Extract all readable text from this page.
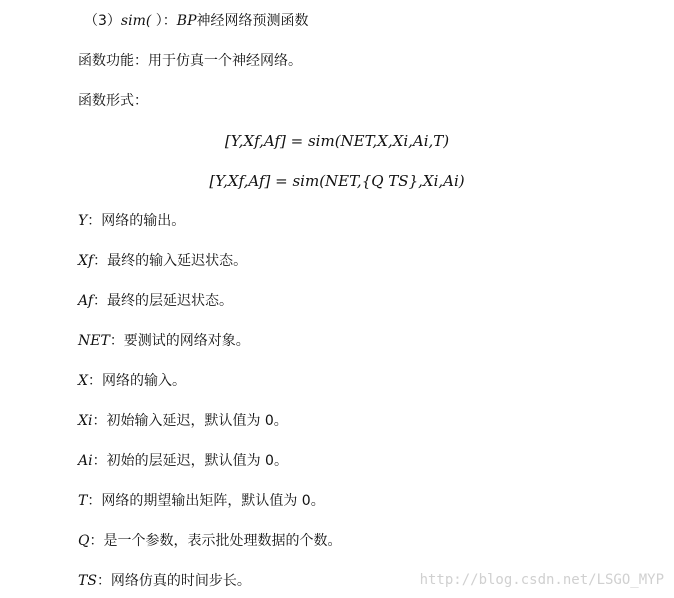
（3）sim( ）：BP神经网络预测函数
函数功能：用于仿真一个神经网络。
函数形式：
[Y,Xf,Af] = sim(NET,X,Xi,Ai,T)
[Y,Xf,Af] = sim(NET,{Q TS},Xi,Ai)
Y：网络的输出。
Xf：最终的输入延迟状态。
Af：最终的层延迟状态。
NET：要测试的网络对象。
X：网络的输入。
Xi：初始输入延迟，默认值为 0。
Ai：初始的层延迟，默认值为 0。
T：网络的期望输出矩阵，默认值为 0。
Q：是一个参数，表示批处理数据的个数。
TS：网络仿真的时间步长。	http://blog.csdn.net/LSGO_MYP
